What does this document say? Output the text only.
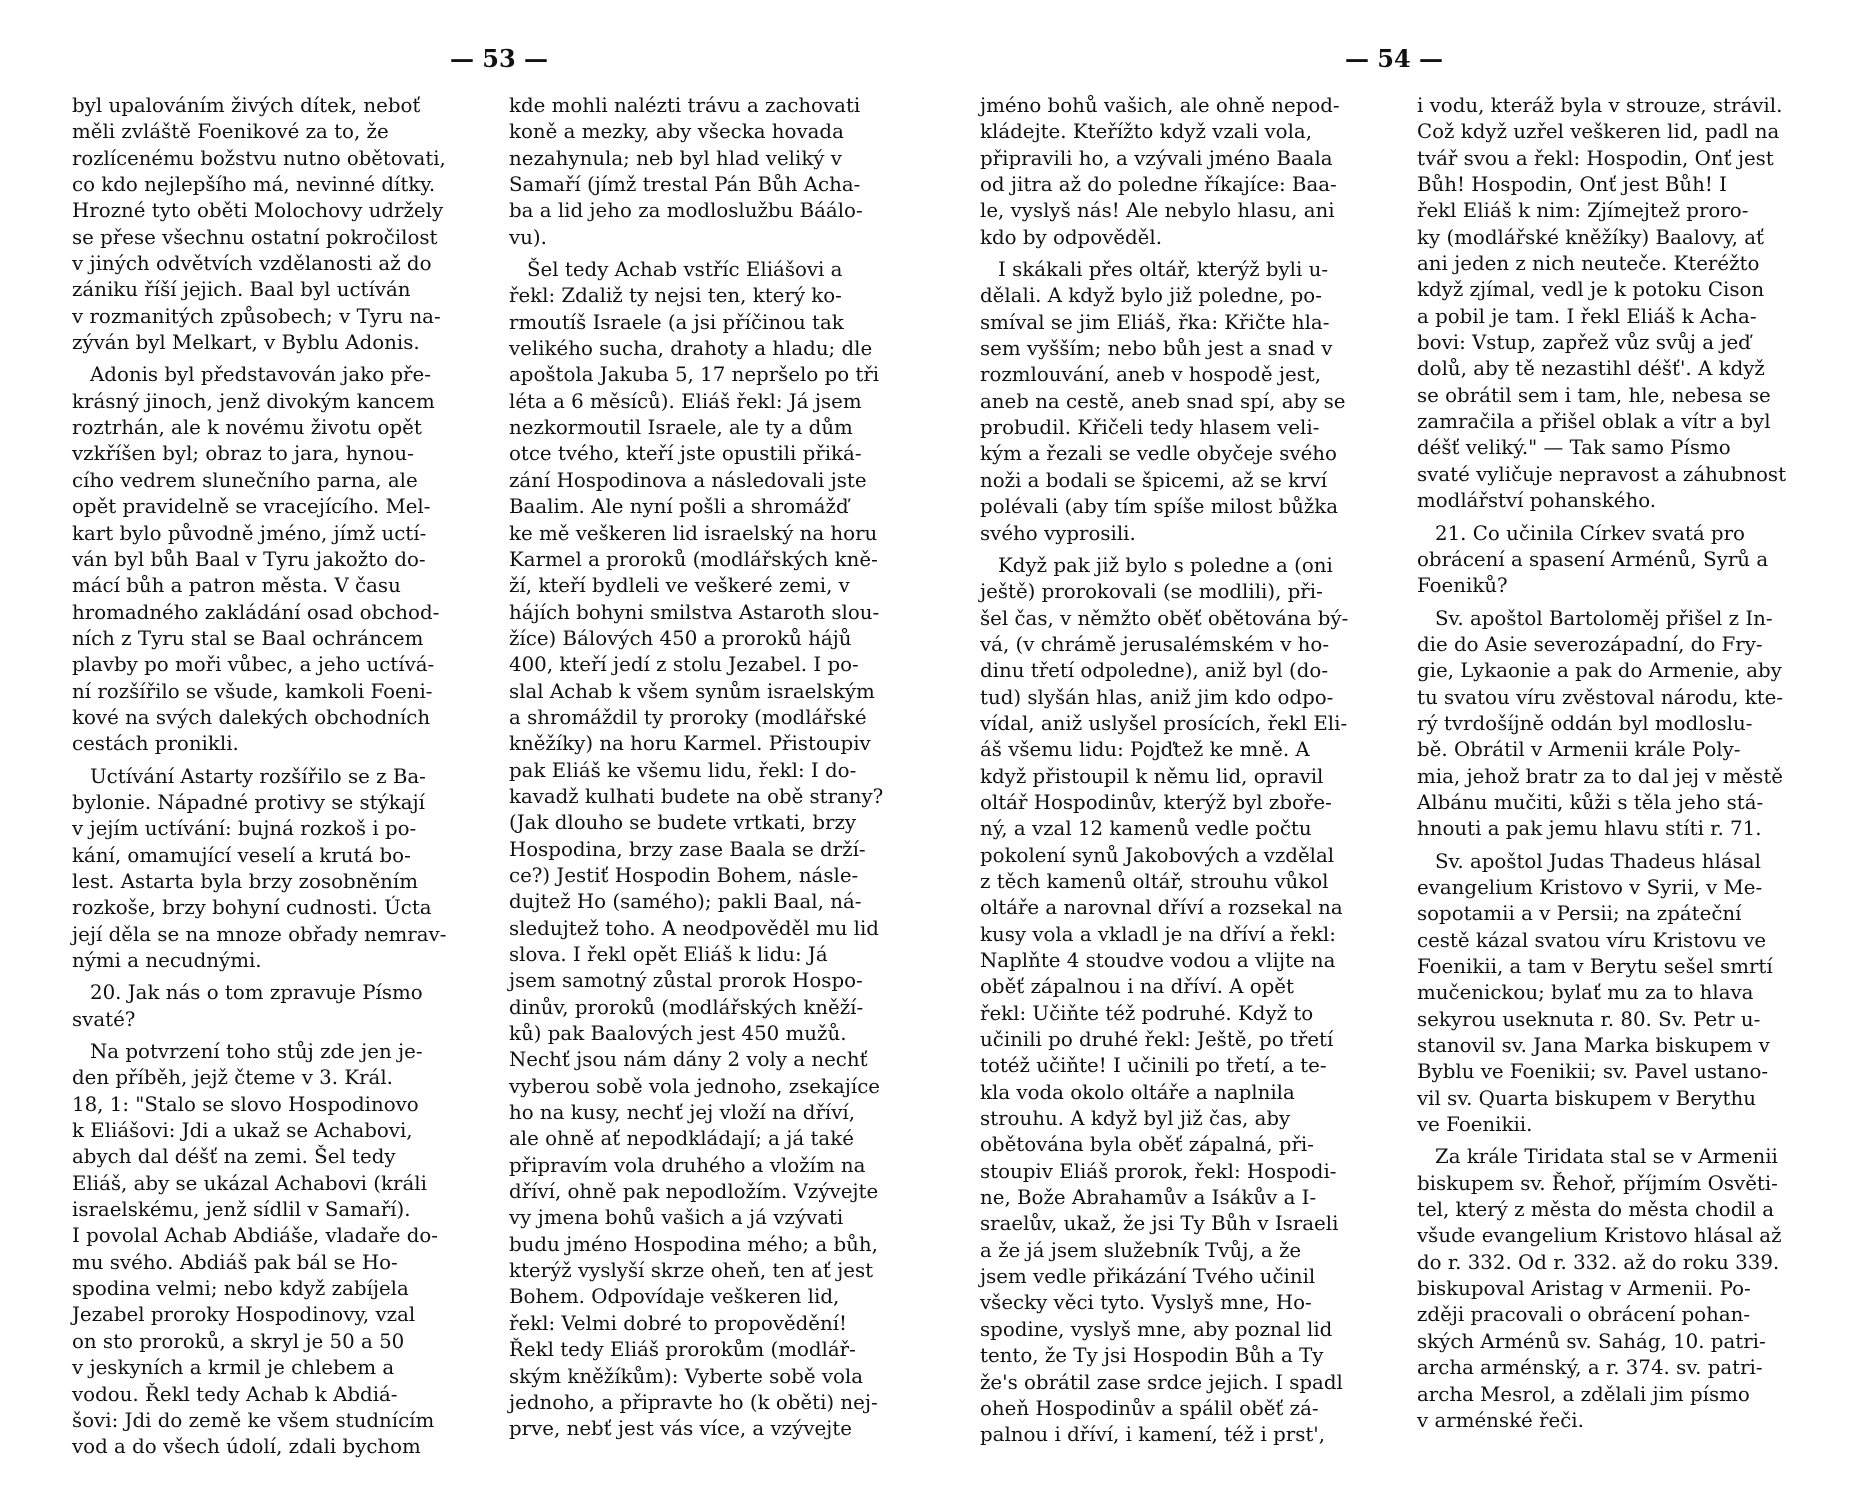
— 53 —

byl upalováním živých dítek, neboť
měli zvláště Foenikové za to, že
rozlícenému božstvu nutno obětovati,
co kdo nejlepšího má, nevinné dítky.
Hrozné tyto oběti Molochovy udržely
se přese všechnu ostatní pokročilost
v jiných odvětvích vzdělanosti až do
zániku říší jejich. Baal byl uctíván
v rozmanitých způsobech; v Tyru na-
zýván byl Melkart, v Byblu Adonis.

Adonis byl představován jako pře-
krásný jinoch, jenž divokým kancem
roztrhán, ale k novému životu opět
vzkříšen byl; obraz to jara, hynou-
cího vedrem slunečního parna, ale
opět pravidelně se vracejícího. Mel-
kart bylo původně jméno, jímž uctí-
ván byl bůh Baal v Tyru jakožto do-
mácí bůh a patron města. V času
hromadného zakládání osad obchod-
ních z Tyru stal se Baal ochráncem
plavby po moři vůbec, a jeho uctívá-
ní rozšířilo se všude, kamkoli Foeni-
kové na svých dalekých obchodních
cestách pronikli.

Uctívání Astarty rozšířilo se z Ba-
bylonie. Nápadné protivy se stýkají
v jejím uctívání: bujná rozkoš i po-
kání, omamující veselí a krutá bo-
lest. Astarta byla brzy zosobněním
rozkoše, brzy bohyní cudnosti. Úcta
její děla se na mnoze obřady nemrav-
nými a necudnými.

20. Jak nás o tom zpravuje Písmo
svaté?

Na potvrzení toho stůj zde jen je-
den příběh, jejž čteme v 3. Král.
18, 1: "Stalo se slovo Hospodinovo
k Eliášovi: Jdi a ukaž se Achabovi,
abych dal déšť na zemi. Šel tedy
Eliáš, aby se ukázal Achabovi (králi
israelskému, jenž sídlil v Samaří).
I povolal Achab Abdiáše, vladaře do-
mu svého. Abdiáš pak bál se Ho-
spodina velmi; nebo když zabíjela
Jezabel proroky Hospodinovy, vzal
on sto proroků, a skryl je 50 a 50
v jeskyních a krmil je chlebem a
vodou. Řekl tedy Achab k Abdiá-
šovi: Jdi do země ke všem studnícím
vod a do všech údolí, zdali bychom

kde mohli nalézti trávu a zachovati
koně a mezky, aby všecka hovada
nezahynula; neb byl hlad veliký v
Samaří (jímž trestal Pán Bůh Acha-
ba a lid jeho za modloslužbu Báálo-
vu).

Šel tedy Achab vstříc Eliášovi a
řekl: Zdaliž ty nejsi ten, který ko-
rmoutíš Israele (a jsi příčinou tak
velikého sucha, drahoty a hladu; dle
apoštola Jakuba 5, 17 nepršelo po tři
léta a 6 měsíců). Eliáš řekl: Já jsem
nezkormoutil Israele, ale ty a dům
otce tvého, kteří jste opustili přiká-
zání Hospodinova a následovali jste
Baalim. Ale nyní pošli a shromážď
ke mě veškeren lid israelský na horu
Karmel a proroků (modlářských kně-
ží, kteří bydleli ve veškeré zemi, v
hájích bohyni smilstva Astaroth slou-
žíce) Bálových 450 a proroků hájů
400, kteří jedí z stolu Jezabel. I po-
slal Achab k všem synům israelským
a shromáždil ty proroky (modlářské
kněžíky) na horu Karmel. Přistoupiv
pak Eliáš ke všemu lidu, řekl: I do-
kavadž kulhati budete na obě strany?
(Jak dlouho se budete vrtkati, brzy
Hospodina, brzy zase Baala se drží-
ce?) Jestiť Hospodin Bohem, násle-
dujtež Ho (samého); pakli Baal, ná-
sledujtež toho. A neodpověděl mu lid
slova. I řekl opět Eliáš k lidu: Já
jsem samotný zůstal prorok Hospo-
dinův, proroků (modlářských kněží-
ků) pak Baalových jest 450 mužů.
Nechť jsou nám dány 2 voly a nechť
vyberou sobě vola jednoho, zsekajíce
ho na kusy, nechť jej vloží na dříví,
ale ohně ať nepodkládají; a já také
připravím vola druhého a vložím na
dříví, ohně pak nepodložím. Vzývejte
vy jmena bohů vašich a já vzývati
budu jméno Hospodina mého; a bůh,
kterýž vyslyší skrze oheň, ten ať jest
Bohem. Odpovídaje veškeren lid,
řekl: Velmi dobré to propovědění!
Řekl tedy Eliáš prorokům (modlář-
ským kněžíkům): Vyberte sobě vola
jednoho, a připravte ho (k oběti) nej-
prve, nebť jest vás více, a vzývejte

— 54 —

jméno bohů vašich, ale ohně nepod-
kládejte. Kteřížto když vzali vola,
připravili ho, a vzývali jméno Baala
od jitra až do poledne říkajíce: Baa-
le, vyslyš nás! Ale nebylo hlasu, ani
kdo by odpověděl.

I skákali přes oltář, kterýž byli u-
dělali. A když bylo již poledne, po-
smíval se jim Eliáš, řka: Křičte hla-
sem vyšším; nebo bůh jest a snad v
rozmlouvání, aneb v hospodě jest,
aneb na cestě, aneb snad spí, aby se
probudil. Křičeli tedy hlasem veli-
kým a řezali se vedle obyčeje svého
noži a bodali se špicemi, až se krví
polévali (aby tím spíše milost bůžka
svého vyprosili.

Když pak již bylo s poledne a (oni
ještě) prorokovali (se modlili), při-
šel čas, v němžto oběť obětována bý-
vá, (v chrámě jerusalémském v ho-
dinu třetí odpoledne), aniž byl (do-
tud) slyšán hlas, aniž jim kdo odpo-
vídal, aniž uslyšel prosících, řekl Eli-
áš všemu lidu: Pojďtež ke mně. A
když přistoupil k němu lid, opravil
oltář Hospodinův, kterýž byl zboře-
ný, a vzal 12 kamenů vedle počtu
pokolení synů Jakobových a vzdělal
z těch kamenů oltář, strouhu vůkol
oltáře a narovnal dříví a rozsekal na
kusy vola a vkladl je na dříví a řekl:
Naplňte 4 stoudve vodou a vlijte na
oběť zápalnou i na dříví. A opět
řekl: Učiňte též podruhé. Když to
učinili po druhé řekl: Ještě, po třetí
totéž učiňte! I učinili po třetí, a te-
kla voda okolo oltáře a naplnila
strouhu. A když byl již čas, aby
obětována byla oběť zápalná, při-
stoupiv Eliáš prorok, řekl: Hospodi-
ne, Bože Abrahamův a Isákův a I-
sraelův, ukaž, že jsi Ty Bůh v Israeli
a že já jsem služebník Tvůj, a že
jsem vedle přikázání Tvého učinil
všecky věci tyto. Vyslyš mne, Ho-
spodine, vyslyš mne, aby poznal lid
tento, že Ty jsi Hospodin Bůh a Ty
že's obrátil zase srdce jejich. I spadl
oheň Hospodinův a spálil oběť zá-
palnou i dříví, i kamení, též i prst',

i vodu, kteráž byla v strouze, strávil.
Což když uzřel veškeren lid, padl na
tvář svou a řekl: Hospodin, Onť jest
Bůh! Hospodin, Onť jest Bůh! I
řekl Eliáš k nim: Zjímejtež proro-
ky (modlářské kněžíky) Baalovy, ať
ani jeden z nich neuteče. Kteréžto
když zjímal, vedl je k potoku Cison
a pobil je tam. I řekl Eliáš k Acha-
bovi: Vstup, zapřež vůz svůj a jeď
dolů, aby tě nezastihl déšť'. A když
se obrátil sem i tam, hle, nebesa se
zamračila a přišel oblak a vítr a byl
déšť veliký." — Tak samo Písmo
svaté vyličuje nepravost a záhubnost
modlářství pohanského.

21. Co učinila Církev svatá pro
obrácení a spasení Arménů, Syrů a
Foeniků?

Sv. apoštol Bartoloměj přišel z In-
die do Asie severozápadní, do Fry-
gie, Lykaonie a pak do Armenie, aby
tu svatou víru zvěstoval národu, kte-
rý tvrdošíjně oddán byl modloslu-
bě. Obrátil v Armenii krále Poly-
mia, jehož bratr za to dal jej v městě
Albánu mučiti, kůži s těla jeho stá-
hnouti a pak jemu hlavu stíti r. 71.

Sv. apoštol Judas Thadeus hlásal
evangelium Kristovo v Syrii, v Me-
sopotamii a v Persii; na zpáteční
cestě kázal svatou víru Kristovu ve
Foenikii, a tam v Berytu sešel smrtí
mučenickou; bylať mu za to hlava
sekyrou useknuta r. 80. Sv. Petr u-
stanovil sv. Jana Marka biskupem v
Byblu ve Foenikii; sv. Pavel ustano-
vil sv. Quarta biskupem v Berythu
ve Foenikii.

Za krále Tiridata stal se v Armenii
biskupem sv. Řehoř, příjmím Osvěti-
tel, který z města do města chodil a
všude evangelium Kristovo hlásal až
do r. 332. Od r. 332. až do roku 339.
biskupoval Aristag v Armenii. Po-
zději pracovali o obrácení pohan-
ských Arménů sv. Sahág, 10. patri-
archa arménský, a r. 374. sv. patri-
archa Mesrol, a zdělali jim písmo
v arménské řeči.
